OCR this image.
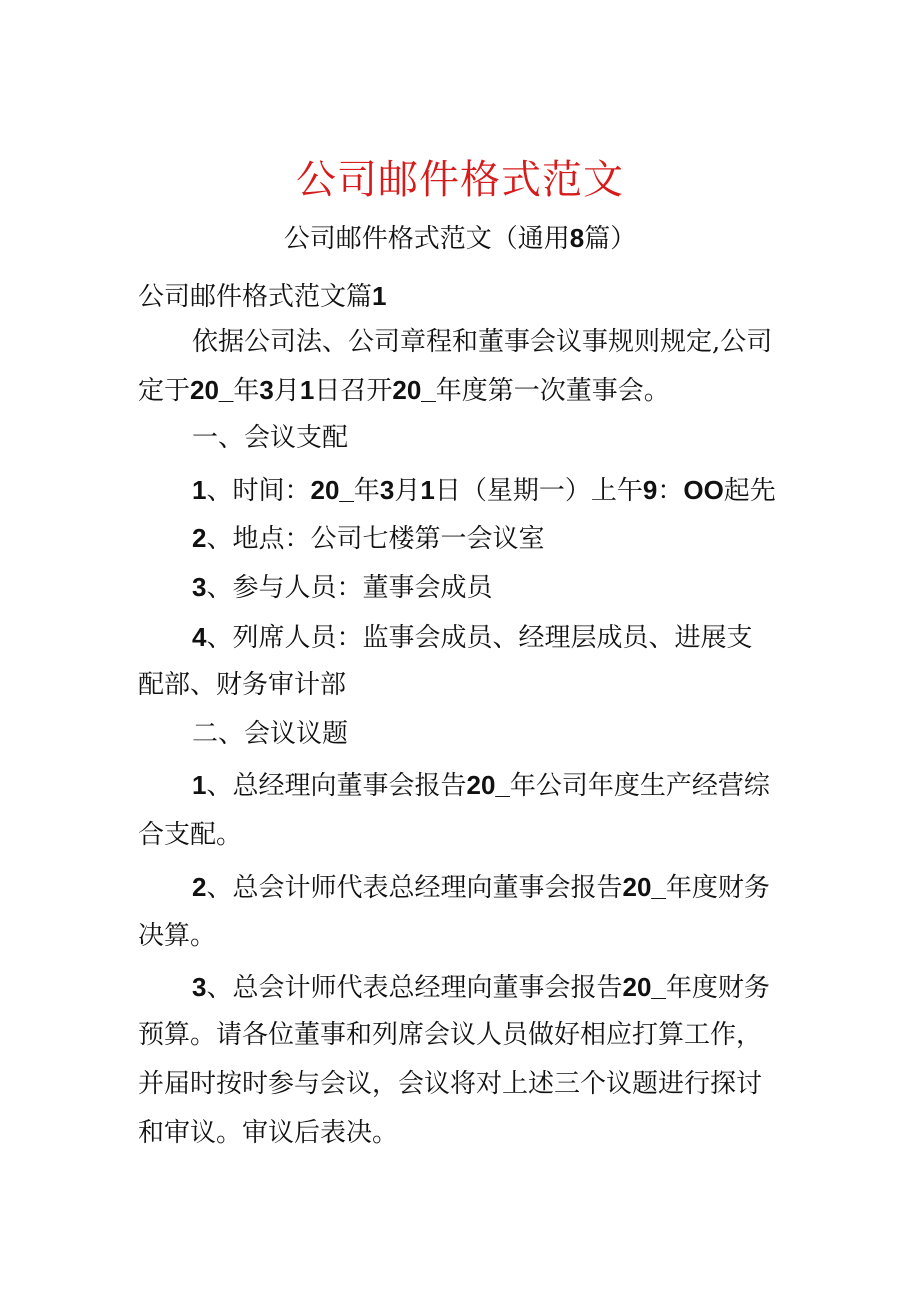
公司邮件格式范文
公司邮件格式范文（通用8篇）
公司邮件格式范文篇1
依据公司法、公司章程和董事会议事规则规定,公司
定于20_年3月1日召开20_年度第一次董事会。
一、会议支配
1、时间：20_年3月1日（星期一）上午9：OO起先
2、地点：公司七楼第一会议室
3、参与人员：董事会成员
4、列席人员：监事会成员、经理层成员、进展支
配部、财务审计部
二、会议议题
1、总经理向董事会报告20_年公司年度生产经营综
合支配。
2、总会计师代表总经理向董事会报告20_年度财务
决算。
3、总会计师代表总经理向董事会报告20_年度财务
预算。请各位董事和列席会议人员做好相应打算工作，
并届时按时参与会议，会议将对上述三个议题进行探讨
和审议。审议后表决。
